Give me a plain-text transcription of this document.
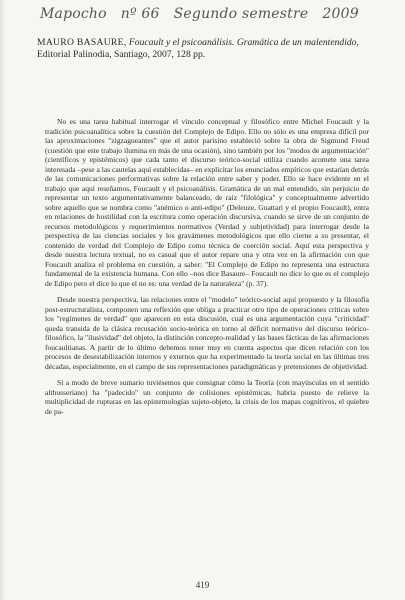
Mapocho nº 66 Segundo semestre 2009
MAURO BASAURE, Foucault y el psicoanálisis. Gramática de un malentendido, Editorial Palinodia, Santiago, 2007, 128 pp.

No es una tarea habitual interrogar el vínculo conceptual y filosófico entre Michel Foucault y la tradición psicoanalítica sobre la cuestión del Complejo de Edipo. Ello no sólo es una empresa difícil por las aproximaciones "zigzagueantes" que el autor parisino estableció sobre la obra de Sigmund Freud (cuestión que este trabajo ilumina en más de una ocasión), sino también por los "modos de argumentación" (científicos y epistémicos) que cada tanto el discurso teórico-social utiliza cuando acomete una tarea interesada –pese a las cautelas aquí establecidas– en explicitar los enunciados empíricos que estarían detrás de las comunicaciones performativas sobre la relación entre saber y poder. Ello se hace evidente en el trabajo que aquí reseñamos, Foucault y el psicoanálisis. Gramática de un mal entendido, sin perjuicio de representar un texto argumentativamente balanceado, de raíz "filológica" y conceptualmente advertido sobre aquello que se nombra como "anémico o anti-edipo" (Deleuze, Guattari y el propio Foucault), entra en relaciones de hostilidad con la escritura como operación discursiva, cuando se sirve de un conjunto de recursos metodológicos y requerimientos normativos (Verdad y subjetividad) para interrogar desde la perspectiva de las ciencias sociales y los gravámenes metodológicos que ello cierne a su presentar, el contenido de verdad del Complejo de Edipo como técnica de coerción social. Aquí esta perspectiva y desde nuestra lectura textual, no es casual que el autor repare una y otra vez en la afirmación con que Foucault analiza el problema en cuestión, a saber: "El Complejo de Edipo no representa una estructura fundamental de la existencia humana. Con ello –nos dice Basaure– Foucault no dice lo que es el complejo de Edipo pero el dice lo que el no es: una verdad de la naturaleza" (p. 37).

Desde nuestra perspectiva, las relaciones entre el "modelo" teórico-social aquí propuesto y la filosofía post-estructuralista, componen una reflexión que obliga a practicar otro tipo de operaciones críticas sobre los "regímenes de verdad" que aparecen en esta discusión, cual es una argumentación cuya "criticidad" queda transida de la clásica recusación socio-teórica en torno al déficit normativo del discurso teórico-filosófico, la "ilusividad" del objeto, la distinción concepto-realidad y las bases fácticas de las afirmaciones foucaultianas. A partir de lo último debemos tener muy en cuenta aspectos que dicen relación con los procesos de desestabilización internos y externos que ha experimentado la teoría social en las últimas tres décadas, especialmente, en el campo de sus representaciones paradigmáticas y pretensiones de objetividad.

Si a modo de breve sumario tuviésemos que consignar cómo la Teoría (con mayúsculas en el sentido althusseriano) ha "padecido" un conjunto de colisiones epistémicas, habría puesto de relieve la multiplicidad de rupturas en las epistemologías sujeto-objeto, la crisis de los mapas cognitivos, el quiebre de pa-

419
